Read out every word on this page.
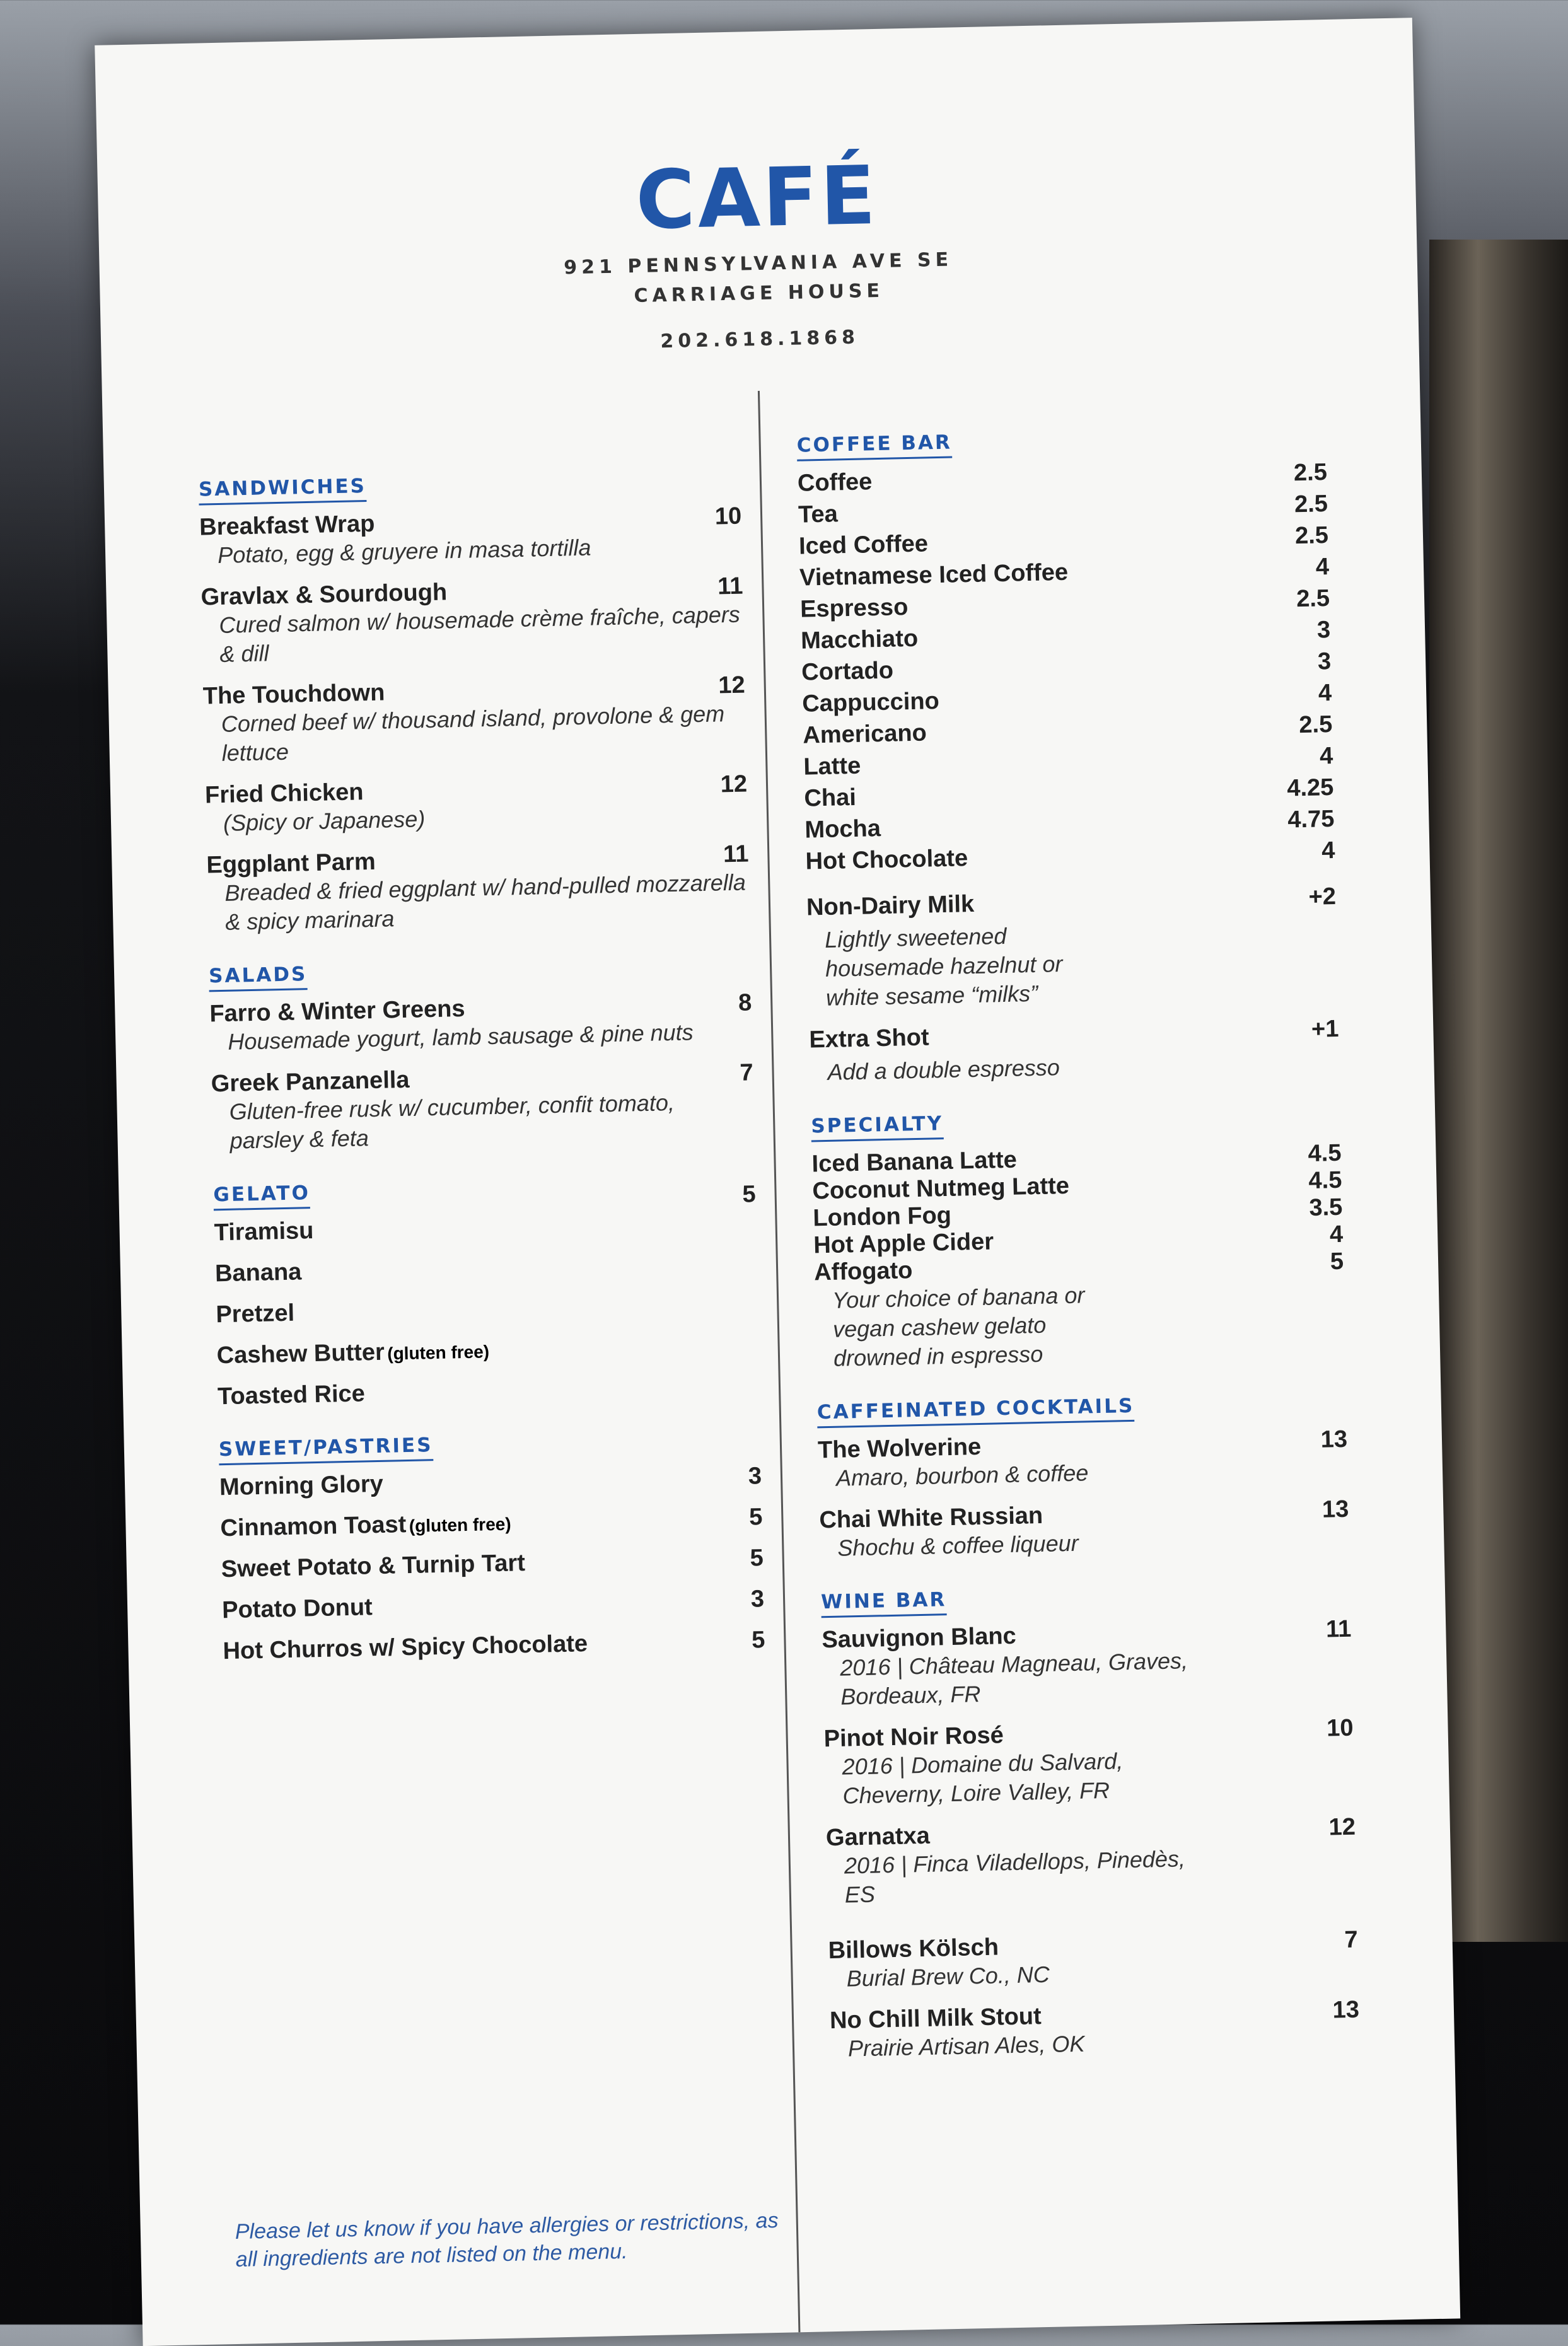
CAFÉ
921 PENNSYLVANIA AVE SE
CARRIAGE HOUSE
202.618.1868
SANDWICHES
Breakfast Wrap	10
Potato, egg & gruyere in masa tortilla
Gravlax & Sourdough	11
Cured salmon w/ housemade crème fraîche, capers & dill
The Touchdown	12
Corned beef w/ thousand island, provolone & gem lettuce
Fried Chicken	12
(Spicy or Japanese)
Eggplant Parm	11
Breaded & fried eggplant w/ hand-pulled mozzarella & spicy marinara
SALADS
Farro & Winter Greens	8
Housemade yogurt, lamb sausage & pine nuts
Greek Panzanella	7
Gluten-free rusk w/ cucumber, confit tomato, parsley & feta
GELATO	5
Tiramisu
Banana
Pretzel
Cashew Butter (gluten free)
Toasted Rice
SWEET/PASTRIES
Morning Glory	3
Cinnamon Toast (gluten free)	5
Sweet Potato & Turnip Tart	5
Potato Donut	3
Hot Churros w/ Spicy Chocolate	5
Please let us know if you have allergies or restrictions, as all ingredients are not listed on the menu.
COFFEE BAR
Coffee	2.5
Tea	2.5
Iced Coffee	2.5
Vietnamese Iced Coffee	4
Espresso	2.5
Macchiato	3
Cortado	3
Cappuccino	4
Americano	2.5
Latte	4
Chai	4.25
Mocha	4.75
Hot Chocolate	4
Non-Dairy Milk	+2
Lightly sweetened housemade hazelnut or white sesame “milks”
Extra Shot	+1
Add a double espresso
SPECIALTY
Iced Banana Latte	4.5
Coconut Nutmeg Latte	4.5
London Fog	3.5
Hot Apple Cider	4
Affogato	5
Your choice of banana or vegan cashew gelato drowned in espresso
CAFFEINATED COCKTAILS
The Wolverine	13
Amaro, bourbon & coffee
Chai White Russian	13
Shochu & coffee liqueur
WINE BAR
Sauvignon Blanc	11
2016 | Château Magneau, Graves, Bordeaux, FR
Pinot Noir Rosé	10
2016 | Domaine du Salvard, Cheverny, Loire Valley, FR
Garnatxa	12
2016 | Finca Viladellops, Pinedès, ES
Billows Kölsch	7
Burial Brew Co., NC
No Chill Milk Stout	13
Prairie Artisan Ales, OK
